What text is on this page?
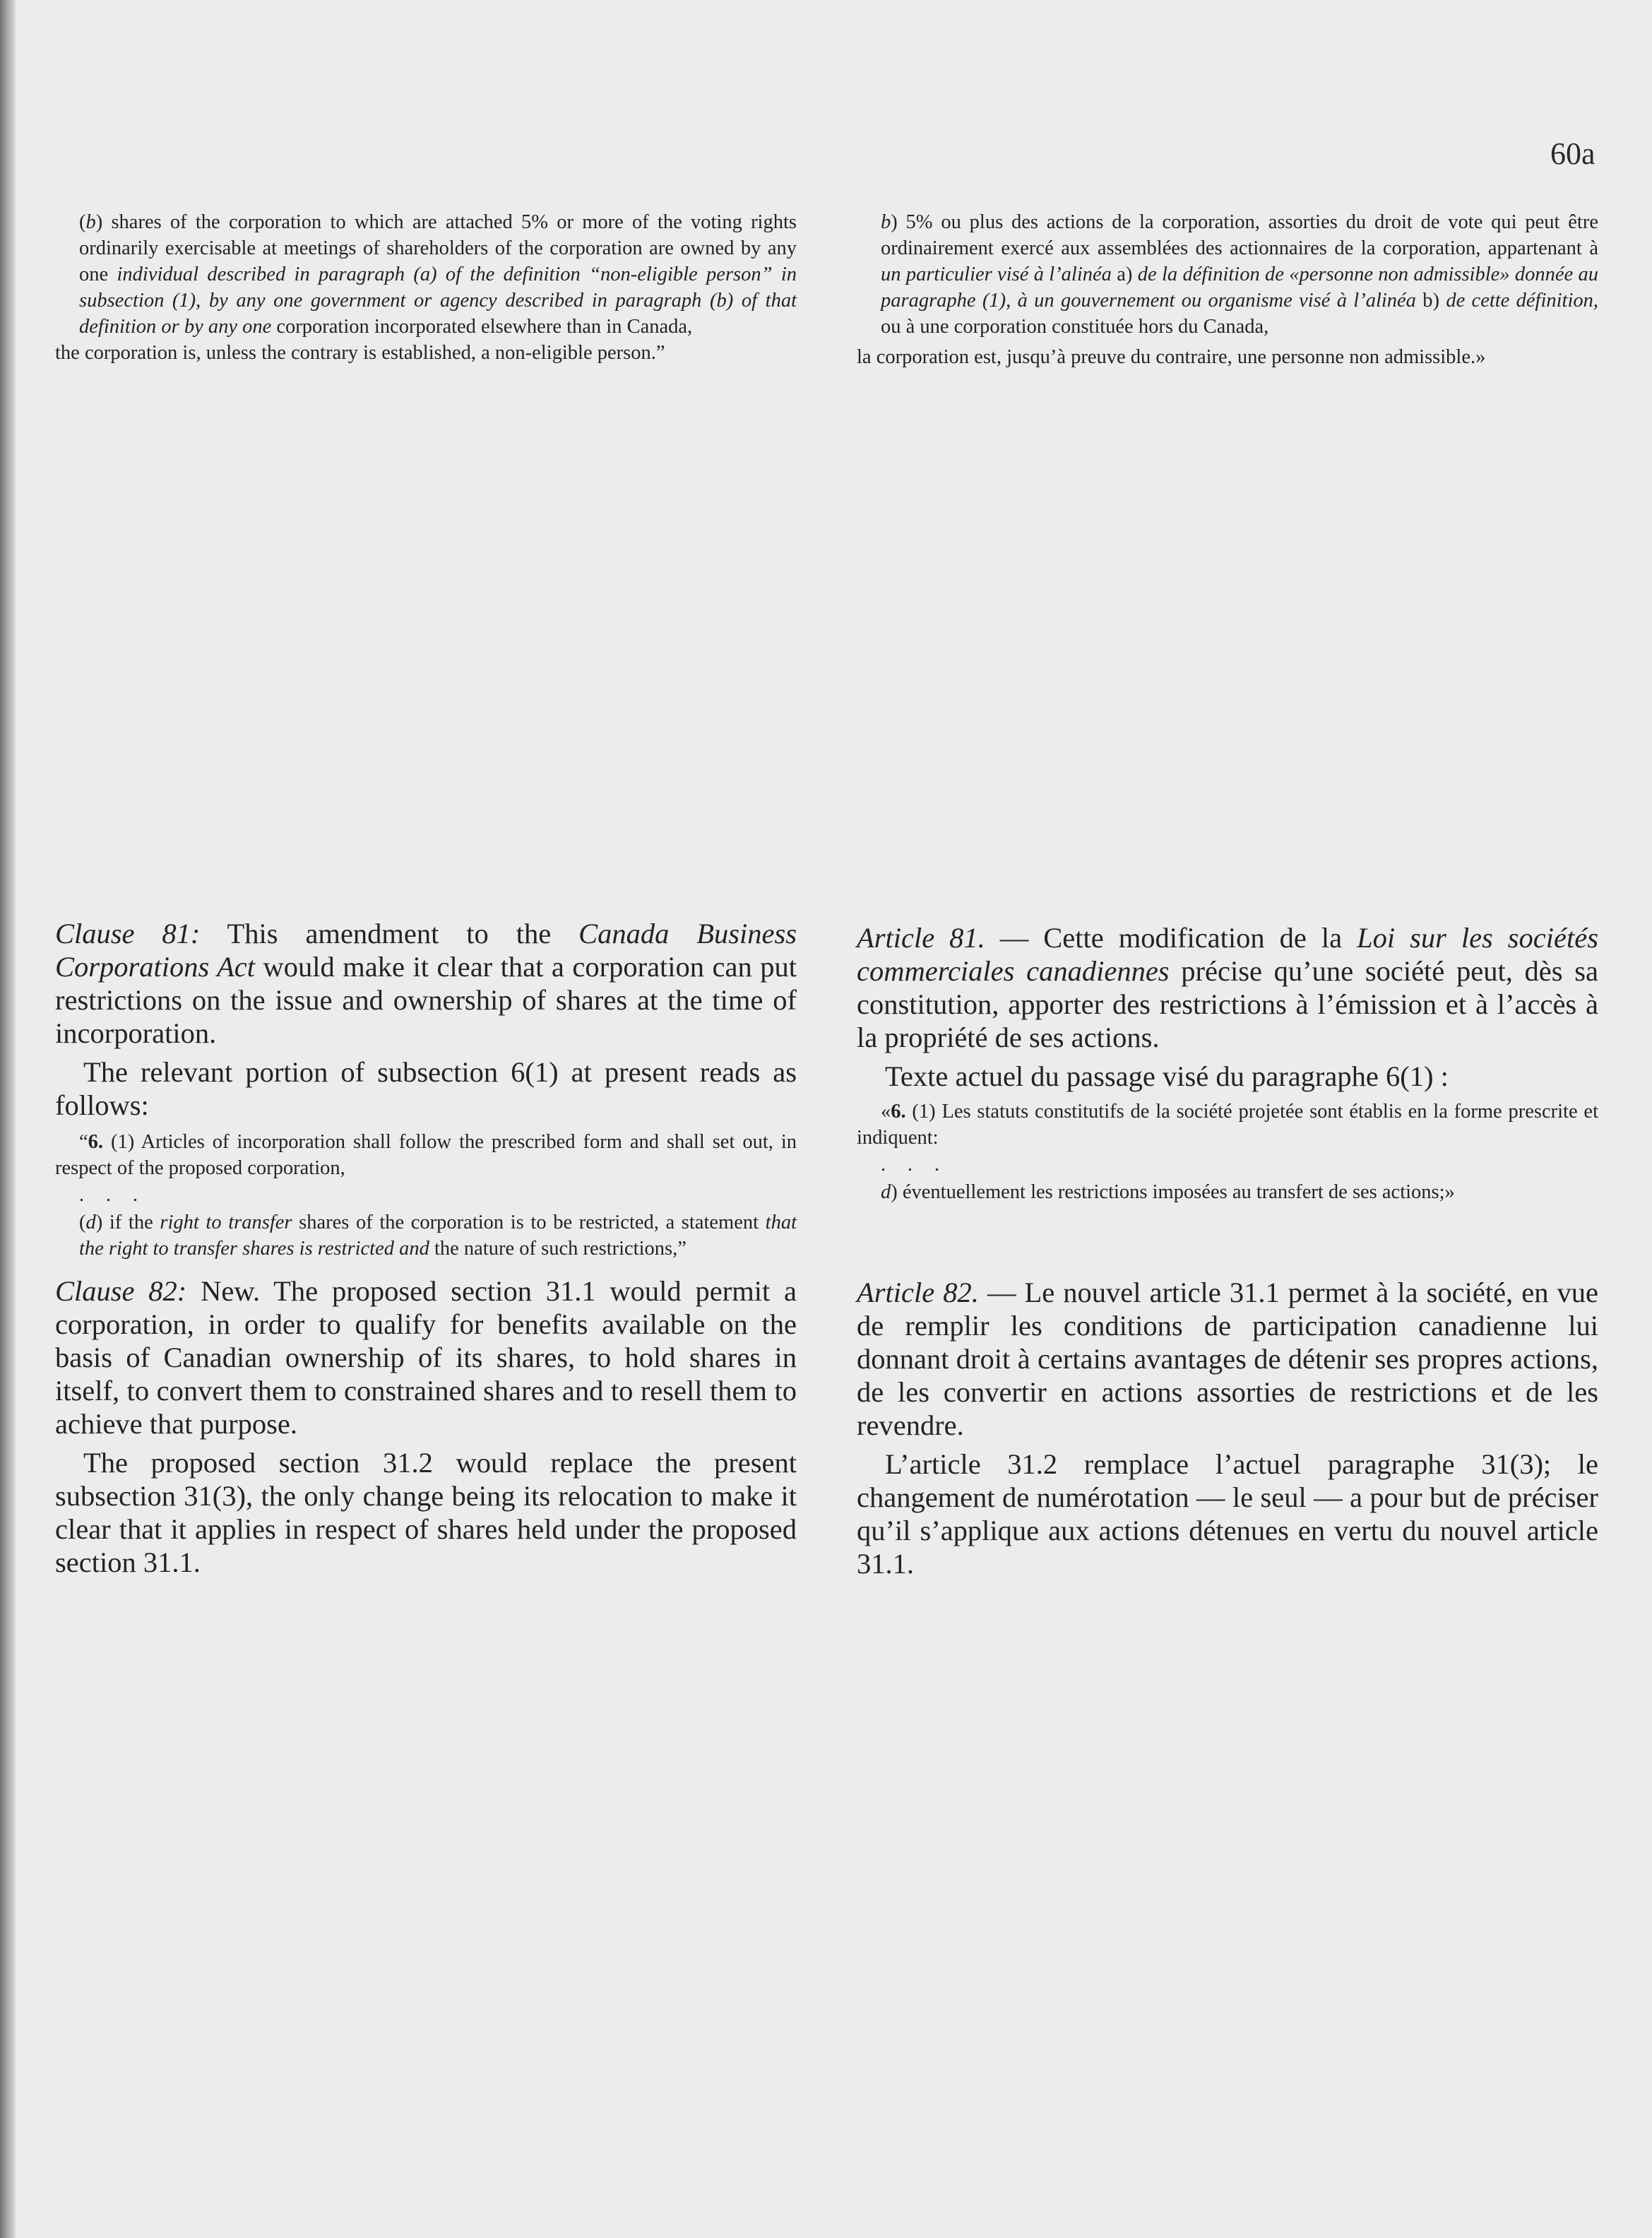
60a

(b) shares of the corporation to which are attached 5% or more of the voting rights ordinarily exercisable at meetings of shareholders of the corporation are owned by any one individual described in paragraph (a) of the definition “non-eligible person” in subsection (1), by any one government or agency described in paragraph (b) of that definition or by any one corporation incorporated elsewhere than in Canada,

the corporation is, unless the contrary is established, a non-eligible person.”

Clause 81: This amendment to the Canada Business Corporations Act would make it clear that a corporation can put restrictions on the issue and ownership of shares at the time of incorporation.

The relevant portion of subsection 6(1) at present reads as follows:

“6. (1) Articles of incorporation shall follow the prescribed form and shall set out, in respect of the proposed corporation,

. . .

(d) if the right to transfer shares of the corporation is to be restricted, a statement that the right to transfer shares is restricted and the nature of such restrictions,”

Clause 82: New. The proposed section 31.1 would permit a corporation, in order to qualify for benefits available on the basis of Canadian ownership of its shares, to hold shares in itself, to convert them to constrained shares and to resell them to achieve that purpose.

The proposed section 31.2 would replace the present subsection 31(3), the only change being its relocation to make it clear that it applies in respect of shares held under the proposed section 31.1.

b) 5% ou plus des actions de la corporation, assorties du droit de vote qui peut être ordinairement exercé aux assemblées des actionnaires de la corporation, appartenant à un particulier visé à l’alinéa a) de la définition de «personne non admissible» donnée au paragraphe (1), à un gouvernement ou organisme visé à l’alinéa b) de cette définition, ou à une corporation constituée hors du Canada,

la corporation est, jusqu’à preuve du contraire, une personne non admissible.»

Article 81. — Cette modification de la Loi sur les sociétés commerciales canadiennes précise qu’une société peut, dès sa constitution, apporter des restrictions à l’émission et à l’accès à la propriété de ses actions.

Texte actuel du passage visé du paragraphe 6(1) :

«6. (1) Les statuts constitutifs de la société projetée sont établis en la forme prescrite et indiquent:

. . .

d) éventuellement les restrictions imposées au transfert de ses actions;»

Article 82. — Le nouvel article 31.1 permet à la société, en vue de remplir les conditions de participation canadienne lui donnant droit à certains avantages de détenir ses propres actions, de les convertir en actions assorties de restrictions et de les revendre.

L’article 31.2 remplace l’actuel paragraphe 31(3); le changement de numérotation — le seul — a pour but de préciser qu’il s’applique aux actions détenues en vertu du nouvel article 31.1.
